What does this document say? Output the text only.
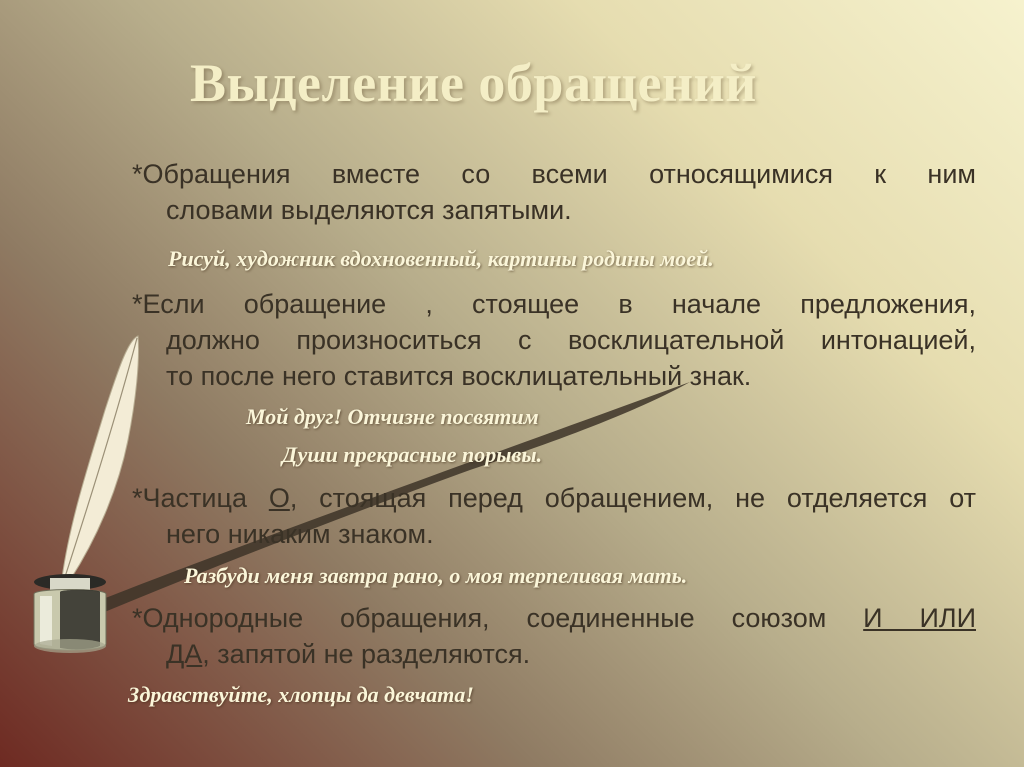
Выделение обращений
*Обращения вместе со всеми относящимися к ним
словами выделяются запятыми.
Рисуй, художник вдохновенный, картины родины моей.
*Если обращение , стоящее в начале предложения,
должно произноситься с восклицательной интонацией,
то после него ставится восклицательный знак.
Мой друг! Отчизне посвятим
Души прекрасные порывы.
*Частица О, стоящая перед обращением, не отделяется от
него никаким знаком.
Разбуди меня завтра рано, о моя терпеливая мать.
*Однородные обращения, соединенные союзом И ИЛИ
ДА, запятой не разделяются.
Здравствуйте, хлопцы да девчата!
